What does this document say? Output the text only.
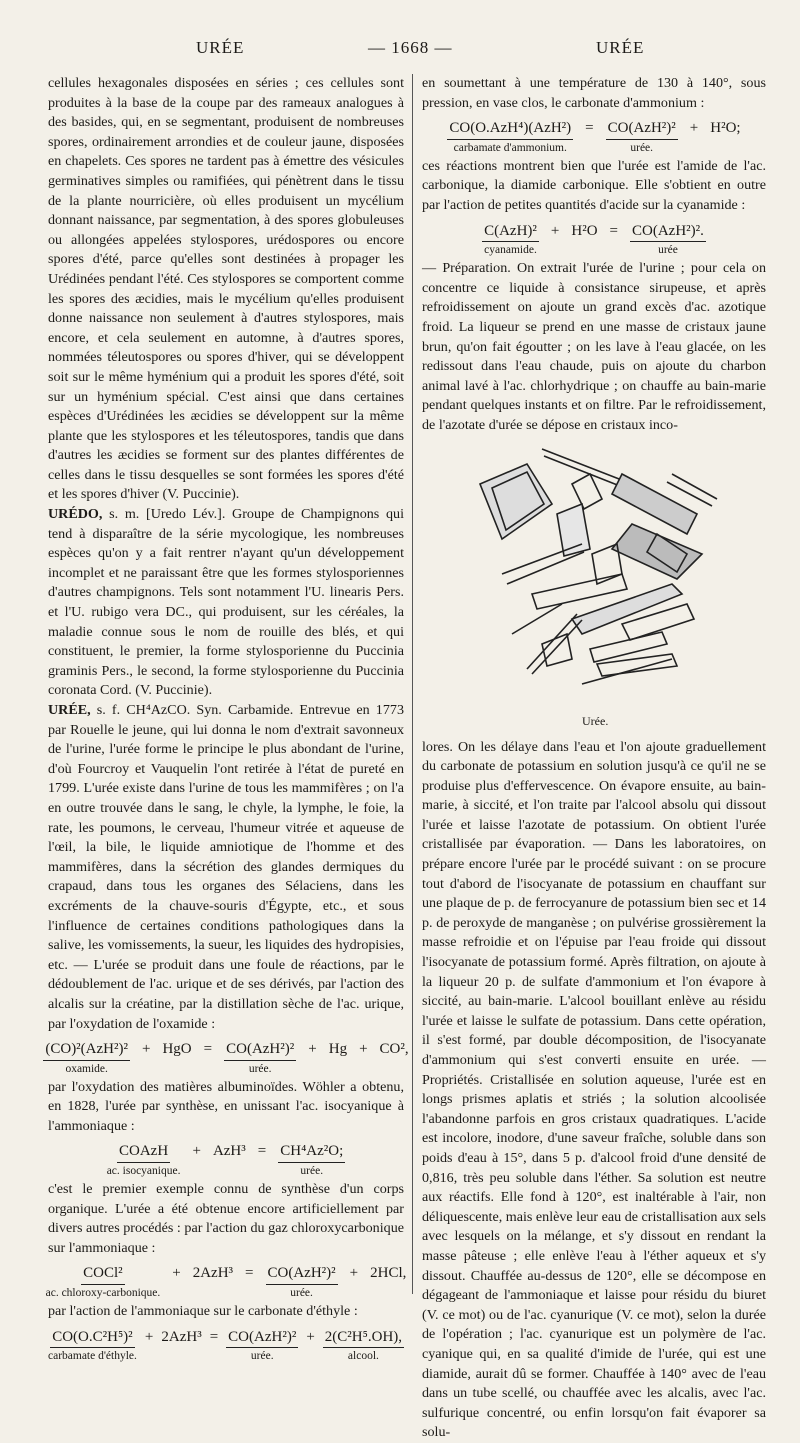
URÉE	— 1668 —	URÉE

cellules hexagonales disposées en séries ; ces cellules sont produites à la base de la coupe par des rameaux analogues à des basides, qui, en se segmentant, produisent de nombreuses spores, ordinairement arrondies et de couleur jaune, disposées en chapelets. Ces spores ne tardent pas à émettre des vésicules germinatives simples ou ramifiées, qui pénètrent dans le tissu de la plante nourricière, où elles produisent un mycélium donnant naissance, par segmentation, à des spores globuleuses ou allongées appelées stylospores, urédospores ou encore spores d'été, parce qu'elles sont destinées à propager les Urédinées pendant l'été. Ces stylospores se comportent comme les spores des æcidies, mais le mycélium qu'elles produisent donne naissance non seulement à d'autres stylospores, mais encore, et cela seulement en automne, à d'autres spores, nommées téleutospores ou spores d'hiver, qui se développent soit sur le même hyménium qui a produit les spores d'été, soit sur un hyménium spécial. C'est ainsi que dans certaines espèces d'Urédinées les æcidies se développent sur la même plante que les stylospores et les téleutospores, tandis que dans d'autres les æcidies se forment sur des plantes différentes de celles dans le tissu desquelles se sont formées les spores d'été et les spores d'hiver (V. Puccinie).

URÉDO, s. m. [Uredo Lév.]. Groupe de Champignons qui tend à disparaître de la série mycologique, les nombreuses espèces qu'on y a fait rentrer n'ayant qu'un développement incomplet et ne paraissant être que les formes stylosporiennes d'autres champignons. Tels sont notamment l'U. linearis Pers. et l'U. rubigo vera DC., qui produisent, sur les céréales, la maladie connue sous le nom de rouille des blés, et qui constituent, le premier, la forme stylosporienne du Puccinia graminis Pers., le second, la forme stylosporienne du Puccinia coronata Cord. (V. Puccinie).

URÉE, s. f. CH⁴AzCO. Syn. Carbamide. Entrevue en 1773 par Rouelle le jeune, qui lui donna le nom d'extrait savonneux de l'urine, l'urée forme le principe le plus abondant de l'urine, d'où Fourcroy et Vauquelin l'ont retirée à l'état de pureté en 1799. L'urée existe dans l'urine de tous les mammifères ; on l'a en outre trouvée dans le sang, le chyle, la lymphe, le foie, la rate, les poumons, le cerveau, l'humeur vitrée et aqueuse de l'œil, la bile, le liquide amniotique de l'homme et des mammifères, dans la sécrétion des glandes dermiques du crapaud, dans tous les organes des Sélaciens, dans les excréments de la chauve-souris d'Égypte, etc., et sous l'influence de certaines conditions pathologiques dans la salive, les vomissements, la sueur, les liquides des hydropisies, etc. — L'urée se produit dans une foule de réactions, par le dédoublement de l'ac. urique et de ses dérivés, par l'action des alcalis sur la créatine, par la distillation sèche de l'ac. urique, par l'oxydation de l'oxamide :

(CO)²(AzH²)²
oxamide.
+ HgO = CO(AzH²)²
urée.
+ Hg + CO²,

par l'oxydation des matières albuminoïdes. Wöhler a obtenu, en 1828, l'urée par synthèse, en unissant l'ac. isocyanique à l'ammoniaque :

COAzH
ac. isocyanique.
+ AzH³ = CH⁴Az²O;
urée.

c'est le premier exemple connu de synthèse d'un corps organique. L'urée a été obtenue encore artificiellement par divers autres procédés : par l'action du gaz chloroxycarbonique sur l'ammoniaque :

COCl²
ac. chloroxy-carbonique.
+ 2AzH³ = CO(AzH²)²
urée.
+ 2HCl,

par l'action de l'ammoniaque sur le carbonate d'éthyle :

CO(O.C²H⁵)²
carbamate d'éthyle.
+ 2AzH³ = CO(AzH²)²
urée.
+ 2(C²H⁵.OH),
alcool.

en soumettant à une température de 130 à 140°, sous pression, en vase clos, le carbonate d'ammonium :

CO(O.AzH⁴)(AzH²)
carbamate d'ammonium.
= CO(AzH²)²
urée.
+ H²O;

ces réactions montrent bien que l'urée est l'amide de l'ac. carbonique, la diamide carbonique. Elle s'obtient en outre par l'action de petites quantités d'acide sur la cyanamide :

C(AzH)²
cyanamide.
+ H²O = CO(AzH²)².
urée

— Préparation. On extrait l'urée de l'urine ; pour cela on concentre ce liquide à consistance sirupeuse, et après refroidissement on ajoute un grand excès d'ac. azotique froid. La liqueur se prend en une masse de cristaux jaune brun, qu'on fait égoutter ; on les lave à l'eau glacée, on les redissout dans l'eau chaude, puis on ajoute du charbon animal lavé à l'ac. chlorhydrique ; on chauffe au bain-marie pendant quelques instants et on filtre. Par le refroidissement, de l'azotate d'urée se dépose en cristaux inco-

Urée.

lores. On les délaye dans l'eau et l'on ajoute graduellement du carbonate de potassium en solution jusqu'à ce qu'il ne se produise plus d'effervescence. On évapore ensuite, au bain-marie, à siccité, et l'on traite par l'alcool absolu qui dissout l'urée et laisse l'azotate de potassium. On obtient l'urée cristallisée par évaporation. — Dans les laboratoires, on prépare encore l'urée par le procédé suivant : on se procure tout d'abord de l'isocyanate de potassium en chauffant sur une plaque de p. de ferrocyanure de potassium bien sec et 14 p. de peroxyde de manganèse ; on pulvérise grossièrement la masse refroidie et on l'épuise par l'eau froide qui dissout l'isocyanate de potassium formé. Après filtration, on ajoute à la liqueur 20 p. de sulfate d'ammonium et l'on évapore à siccité, au bain-marie. L'alcool bouillant enlève au résidu l'urée et laisse le sulfate de potassium. Dans cette opération, il s'est formé, par double décomposition, de l'isocyanate d'ammonium qui s'est converti ensuite en urée. — Propriétés. Cristallisée en solution aqueuse, l'urée est en longs prismes aplatis et striés ; la solution alcoolisée l'abandonne parfois en gros cristaux quadratiques. L'acide est incolore, inodore, d'une saveur fraîche, soluble dans son poids d'eau à 15°, dans 5 p. d'alcool froid d'une densité de 0,816, très peu soluble dans l'éther. Sa solution est neutre aux réactifs. Elle fond à 120°, est inaltérable à l'air, non déliquescente, mais enlève leur eau de cristallisation aux sels avec lesquels on la mélange, et s'y dissout en rendant la masse pâteuse ; elle enlève l'eau à l'éther aqueux et s'y dissout. Chauffée au-dessus de 120°, elle se décompose en dégageant de l'ammoniaque et laisse pour résidu du biuret (V. ce mot) ou de l'ac. cyanurique (V. ce mot), selon la durée de l'opération ; l'ac. cyanurique est un polymère de l'ac. cyanique qui, en sa qualité d'imide de l'urée, qui est une diamide, aurait dû se former. Chauffée à 140° avec de l'eau dans un tube scellé, ou chauffée avec les alcalis, avec l'ac. sulfurique concentré, ou enfin lorsqu'on fait évaporer sa solu-
